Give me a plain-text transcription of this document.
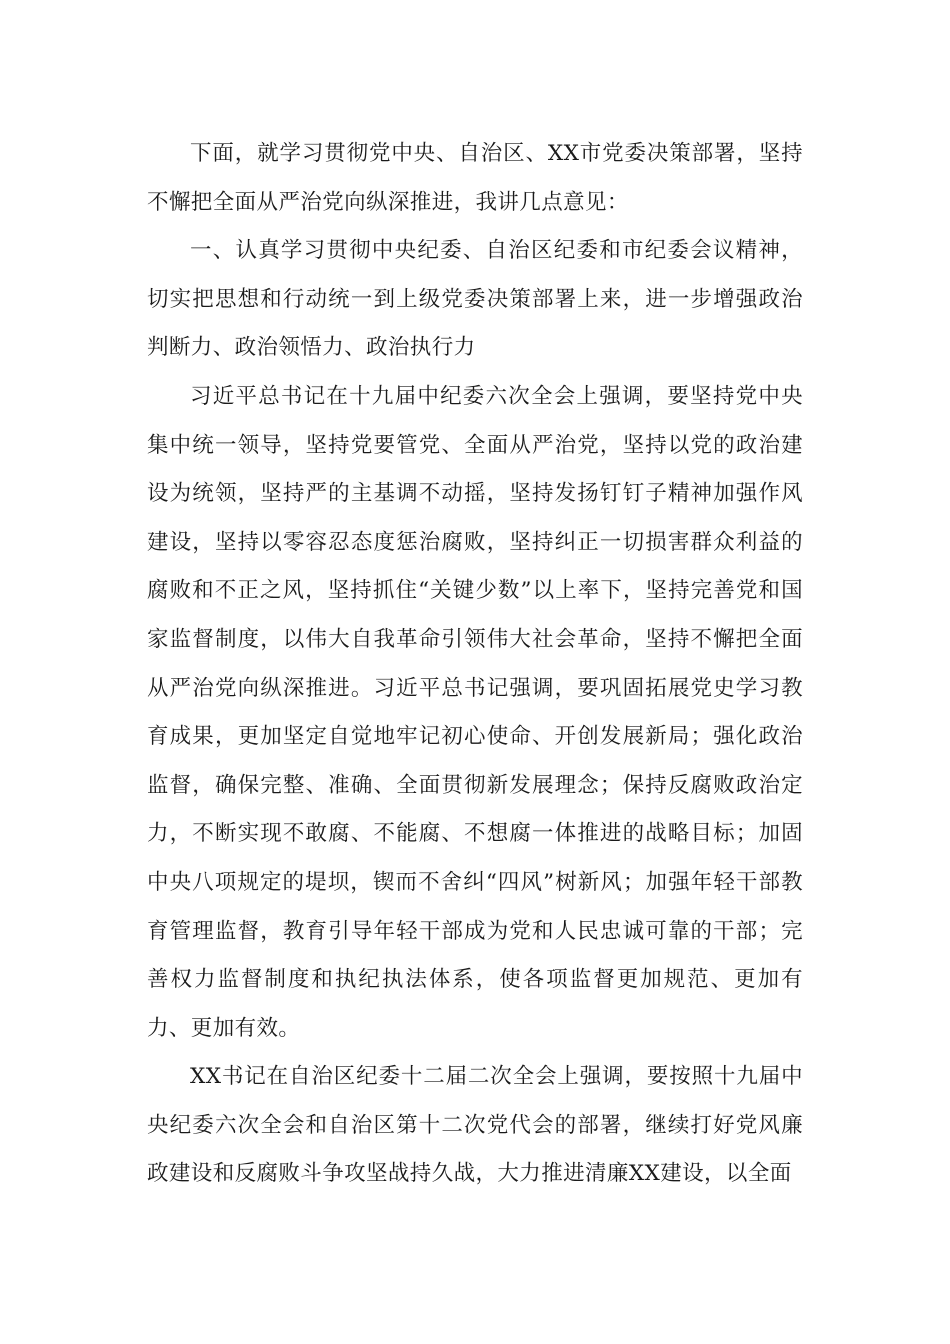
下面，就学习贯彻党中央、自治区、XX市党委决策部署，坚持不懈把全面从严治党向纵深推进，我讲几点意见：

一、认真学习贯彻中央纪委、自治区纪委和市纪委会议精神，切实把思想和行动统一到上级党委决策部署上来，进一步增强政治判断力、政治领悟力、政治执行力

习近平总书记在十九届中纪委六次全会上强调，要坚持党中央集中统一领导，坚持党要管党、全面从严治党，坚持以党的政治建设为统领，坚持严的主基调不动摇，坚持发扬钉钉子精神加强作风建设，坚持以零容忍态度惩治腐败，坚持纠正一切损害群众利益的腐败和不正之风，坚持抓住“关键少数”以上率下，坚持完善党和国家监督制度，以伟大自我革命引领伟大社会革命，坚持不懈把全面从严治党向纵深推进。习近平总书记强调，要巩固拓展党史学习教育成果，更加坚定自觉地牢记初心使命、开创发展新局；强化政治监督，确保完整、准确、全面贯彻新发展理念；保持反腐败政治定力，不断实现不敢腐、不能腐、不想腐一体推进的战略目标；加固中央八项规定的堤坝，锲而不舍纠“四风”树新风；加强年轻干部教育管理监督，教育引导年轻干部成为党和人民忠诚可靠的干部；完善权力监督制度和执纪执法体系，使各项监督更加规范、更加有力、更加有效。

XX书记在自治区纪委十二届二次全会上强调，要按照十九届中央纪委六次全会和自治区第十二次党代会的部署，继续打好党风廉政建设和反腐败斗争攻坚战持久战，大力推进清廉XX建设，以全面
